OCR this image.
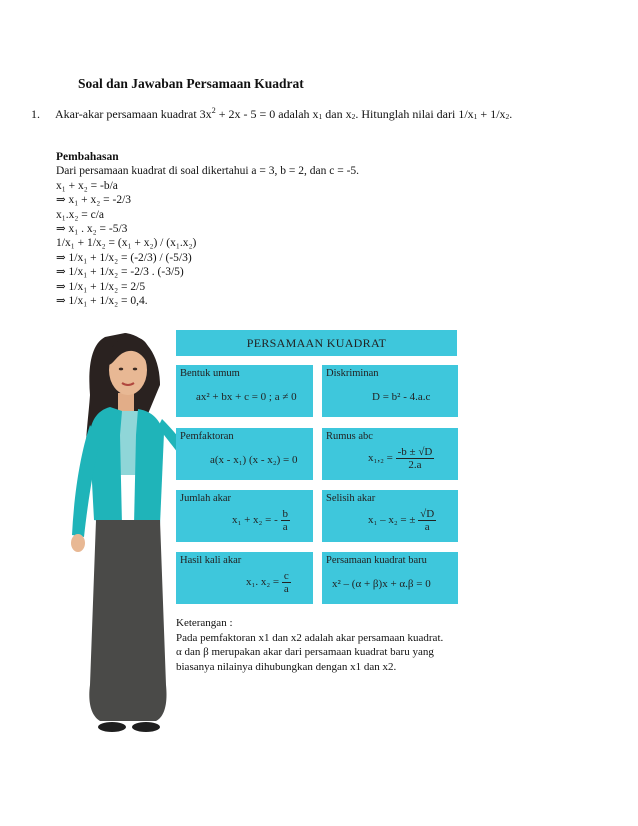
Soal dan Jawaban Persamaan Kuadrat
1. Akar-akar persamaan kuadrat $3x^2 + 2x - 5 = 0$ adalah $x_1$ dan $x_2$. Hitunglah nilai dari $1/x_1 + 1/x_2$.
Pembahasan
Dari persamaan kuadrat di soal dikertahui a = 3, b = 2, dan c = -5.
x₁ + x₂ = -b/a
⇒ x₁ + x₂ = -2/3
x₁.x₂ = c/a
⇒ x₁ . x₂ = -5/3
1/x₁ + 1/x₂ = (x₁ + x₂) / (x₁.x₂)
⇒ 1/x₁ + 1/x₂ = (-2/3) / (-5/3)
⇒ 1/x₁ + 1/x₂ = -2/3 . (-3/5)
⇒ 1/x₁ + 1/x₂ = 2/5
⇒ 1/x₁ + 1/x₂ = 0,4.
PERSAMAAN KUADRAT
Bentuk umum
ax² + bx + c = 0 ; a ≠ 0
Diskriminan
D = b² - 4.a.c
Pemfaktoran
a(x - x₁) (x - x₂) = 0
Rumus abc
$x_1,_2 = \frac{-b \pm √D}{2.a}$
Jumlah akar
x₁ + x₂ = - $\frac{b}{a}$
Selisih akar
x₁ – x₂ = ± $\frac{√D}{a}$
Hasil kali akar
x₁. $x_2 = \frac{c}{a}$
Persamaan kuadrat baru
x² – (α + β)x + α.β = 0
Keterangan :
Pada pemfaktoran x1 dan x2 adalah akar persamaan kuadrat.
α dan β merupakan akar dari persamaan kuadrat baru yang
biasanya nilainya dihubungkan dengan x1 dan x2.
